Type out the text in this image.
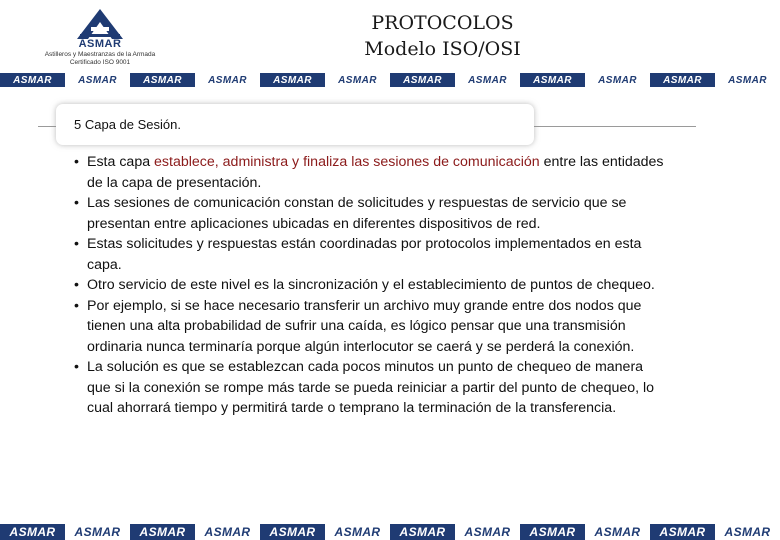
ASMAR
Astilleros y Maestranzas de la Armada
Certificado ISO 9001
PROTOCOLOS
Modelo ISO/OSI
ASMAR	ASMAR	ASMAR	ASMAR	ASMAR	ASMAR	ASMAR	ASMAR	ASMAR	ASMAR	ASMAR	ASMAR
5 Capa de Sesión.
• Esta capa establece, administra y finaliza las sesiones de comunicación entre las entidades de la capa de presentación.
• Las sesiones de comunicación constan de solicitudes y respuestas de servicio que se presentan entre aplicaciones ubicadas en diferentes dispositivos de red.
• Estas solicitudes y respuestas están coordinadas por protocolos implementados en esta capa.
• Otro servicio de este nivel es la sincronización y el establecimiento de puntos de chequeo.
• Por ejemplo, si se hace necesario transferir un archivo muy grande entre dos nodos que tienen una alta probabilidad de sufrir una caída, es lógico pensar que una transmisión ordinaria nunca terminaría porque algún interlocutor se caerá y se perderá la conexión.
• La solución es que se establezcan cada pocos minutos un punto de chequeo de manera que si la conexión se rompe más tarde se pueda reiniciar a partir del punto de chequeo, lo cual ahorrará tiempo y permitirá tarde o temprano la terminación de la transferencia.
ASMAR	ASMAR	ASMAR	ASMAR	ASMAR	ASMAR	ASMAR	ASMAR	ASMAR	ASMAR	ASMAR	ASMAR
